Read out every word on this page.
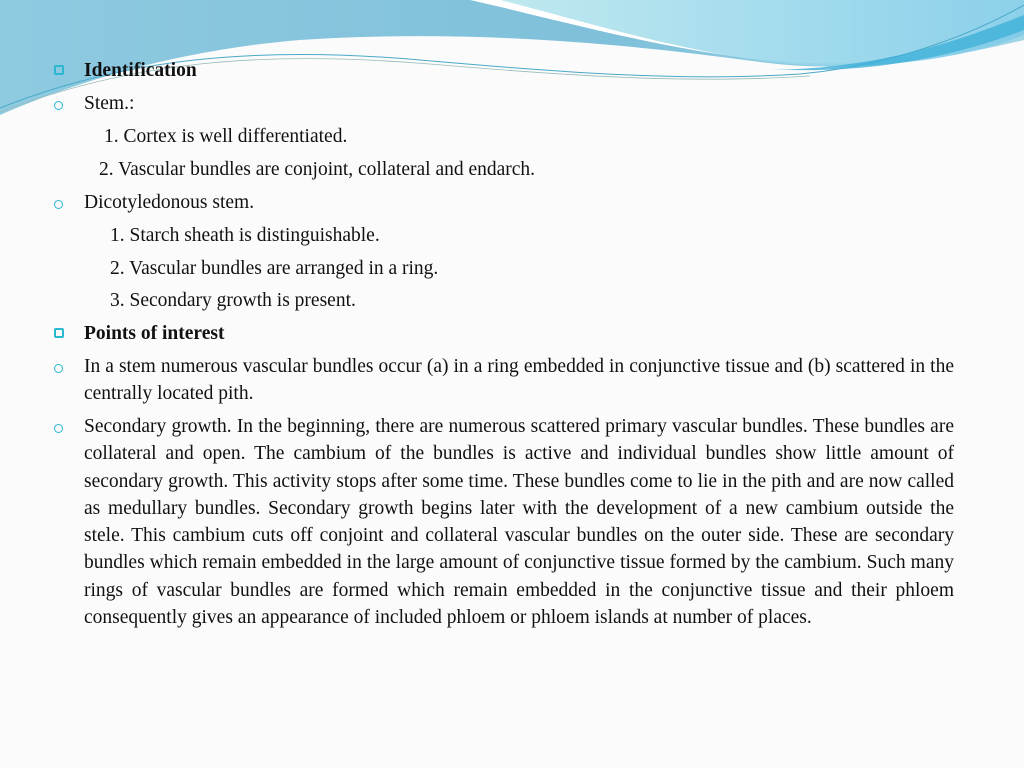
Identification
Stem.:
1. Cortex is well differentiated.
2. Vascular bundles are conjoint, collateral and endarch.
Dicotyledonous stem.
1. Starch sheath is distinguishable.
2. Vascular bundles are arranged in a ring.
3. Secondary growth is present.
Points of interest
In a stem numerous vascular bundles occur (a) in a ring embedded in conjunctive tissue and (b) scattered in the centrally located pith.
Secondary growth. In the beginning, there are numerous scattered primary vascular bundles. These bundles are collateral and open. The cambium of the bundles is active and individual bundles show little amount of secondary growth. This activity stops after some time. These bundles come to lie in the pith and are now called as medullary bundles. Secondary growth begins later with the development of a new cambium outside the stele. This cambium cuts off conjoint and collateral vascular bundles on the outer side. These are secondary bundles which remain embedded in the large amount of conjunctive tissue formed by the cambium. Such many rings of vascular bundles are formed which remain embedded in the conjunctive tissue and their phloem consequently gives an appearance of included phloem or phloem islands at number of places.
